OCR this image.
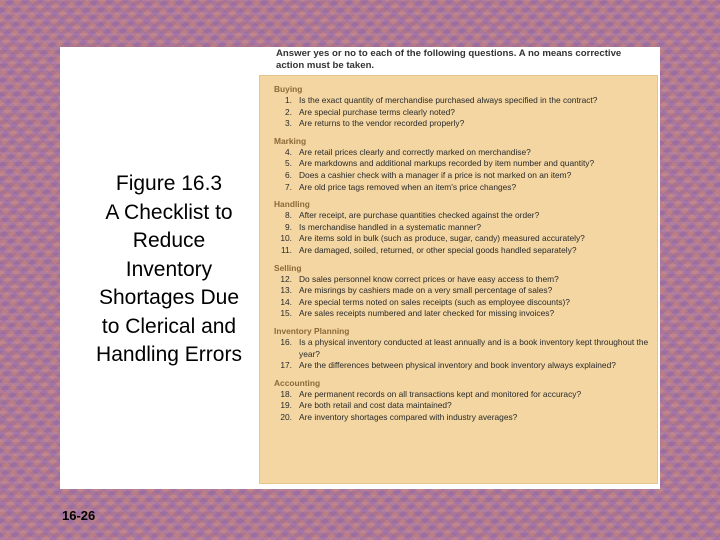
Figure 16.3
A Checklist to
Reduce
Inventory
Shortages Due
to Clerical and
Handling Errors
16-26
Answer yes or no to each of the following questions. A no means corrective
action must be taken.
Buying
1. Is the exact quantity of merchandise purchased always specified in the contract?
2. Are special purchase terms clearly noted?
3. Are returns to the vendor recorded properly?
Marking
4. Are retail prices clearly and correctly marked on merchandise?
5. Are markdowns and additional markups recorded by item number and quantity?
6. Does a cashier check with a manager if a price is not marked on an item?
7. Are old price tags removed when an item's price changes?
Handling
8. After receipt, are purchase quantities checked against the order?
9. Is merchandise handled in a systematic manner?
10. Are items sold in bulk (such as produce, sugar, candy) measured accurately?
11. Are damaged, soiled, returned, or other special goods handled separately?
Selling
12. Do sales personnel know correct prices or have easy access to them?
13. Are misrings by cashiers made on a very small percentage of sales?
14. Are special terms noted on sales receipts (such as employee discounts)?
15. Are sales receipts numbered and later checked for missing invoices?
Inventory Planning
16. Is a physical inventory conducted at least annually and is a book inventory kept throughout the year?
17. Are the differences between physical inventory and book inventory always explained?
Accounting
18. Are permanent records on all transactions kept and monitored for accuracy?
19. Are both retail and cost data maintained?
20. Are inventory shortages compared with industry averages?
